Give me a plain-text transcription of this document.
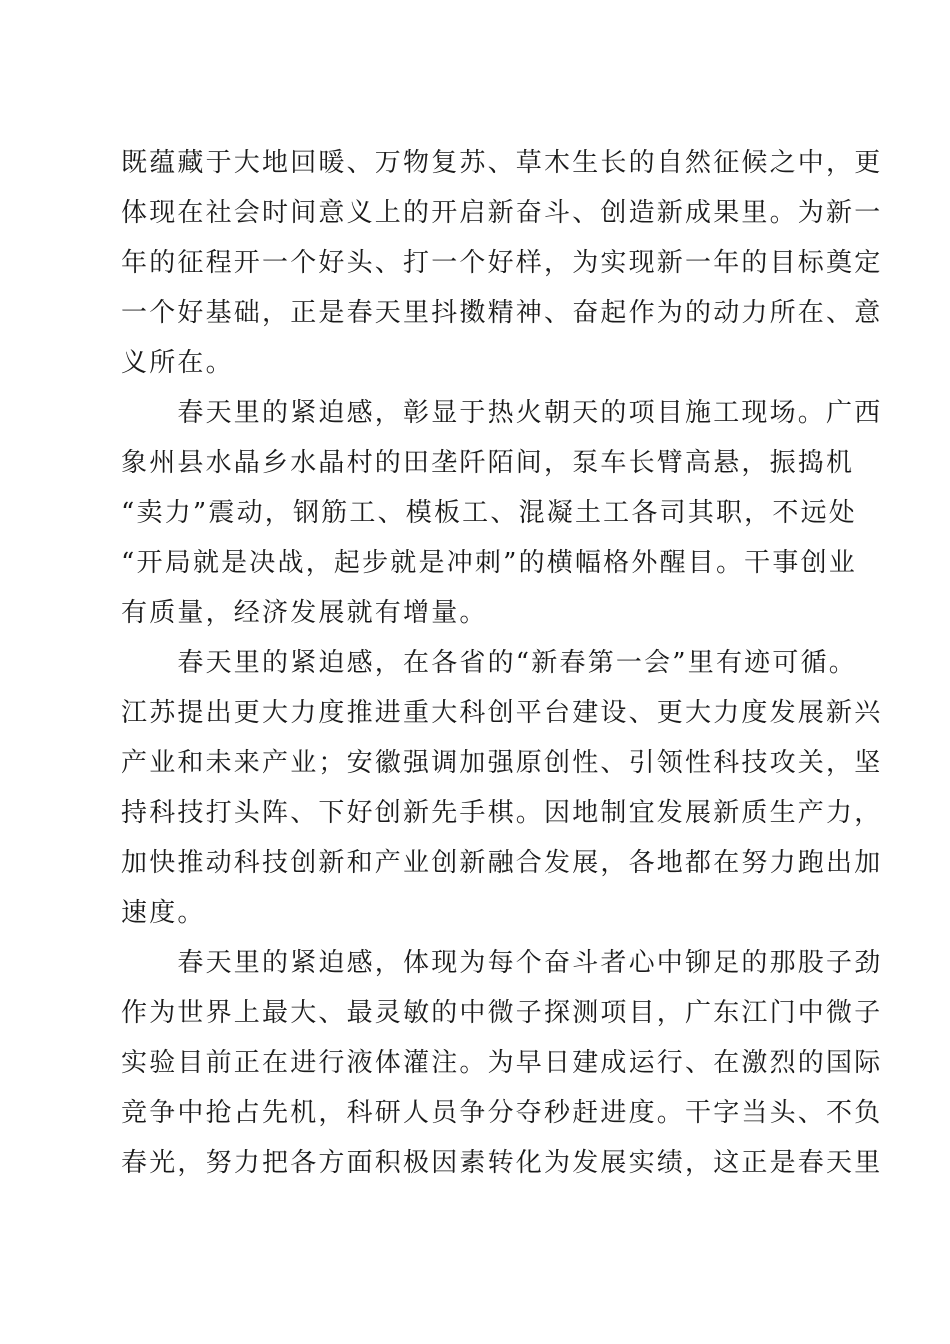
既蕴藏于大地回暖、万物复苏、草木生长的自然征候之中，更
体现在社会时间意义上的开启新奋斗、创造新成果里。为新一
年的征程开一个好头、打一个好样，为实现新一年的目标奠定
一个好基础，正是春天里抖擞精神、奋起作为的动力所在、意
义所在。
　　春天里的紧迫感，彰显于热火朝天的项目施工现场。广西
象州县水晶乡水晶村的田垄阡陌间，泵车长臂高悬，振捣机
“卖力”震动，钢筋工、模板工、混凝土工各司其职，不远处
“开局就是决战，起步就是冲刺”的横幅格外醒目。干事创业
有质量，经济发展就有增量。
　　春天里的紧迫感，在各省的“新春第一会”里有迹可循。
江苏提出更大力度推进重大科创平台建设、更大力度发展新兴
产业和未来产业；安徽强调加强原创性、引领性科技攻关，坚
持科技打头阵、下好创新先手棋。因地制宜发展新质生产力，
加快推动科技创新和产业创新融合发展，各地都在努力跑出加
速度。
　　春天里的紧迫感，体现为每个奋斗者心中铆足的那股子劲
作为世界上最大、最灵敏的中微子探测项目，广东江门中微子
实验目前正在进行液体灌注。为早日建成运行、在激烈的国际
竞争中抢占先机，科研人员争分夺秒赶进度。干字当头、不负
春光，努力把各方面积极因素转化为发展实绩，这正是春天里
